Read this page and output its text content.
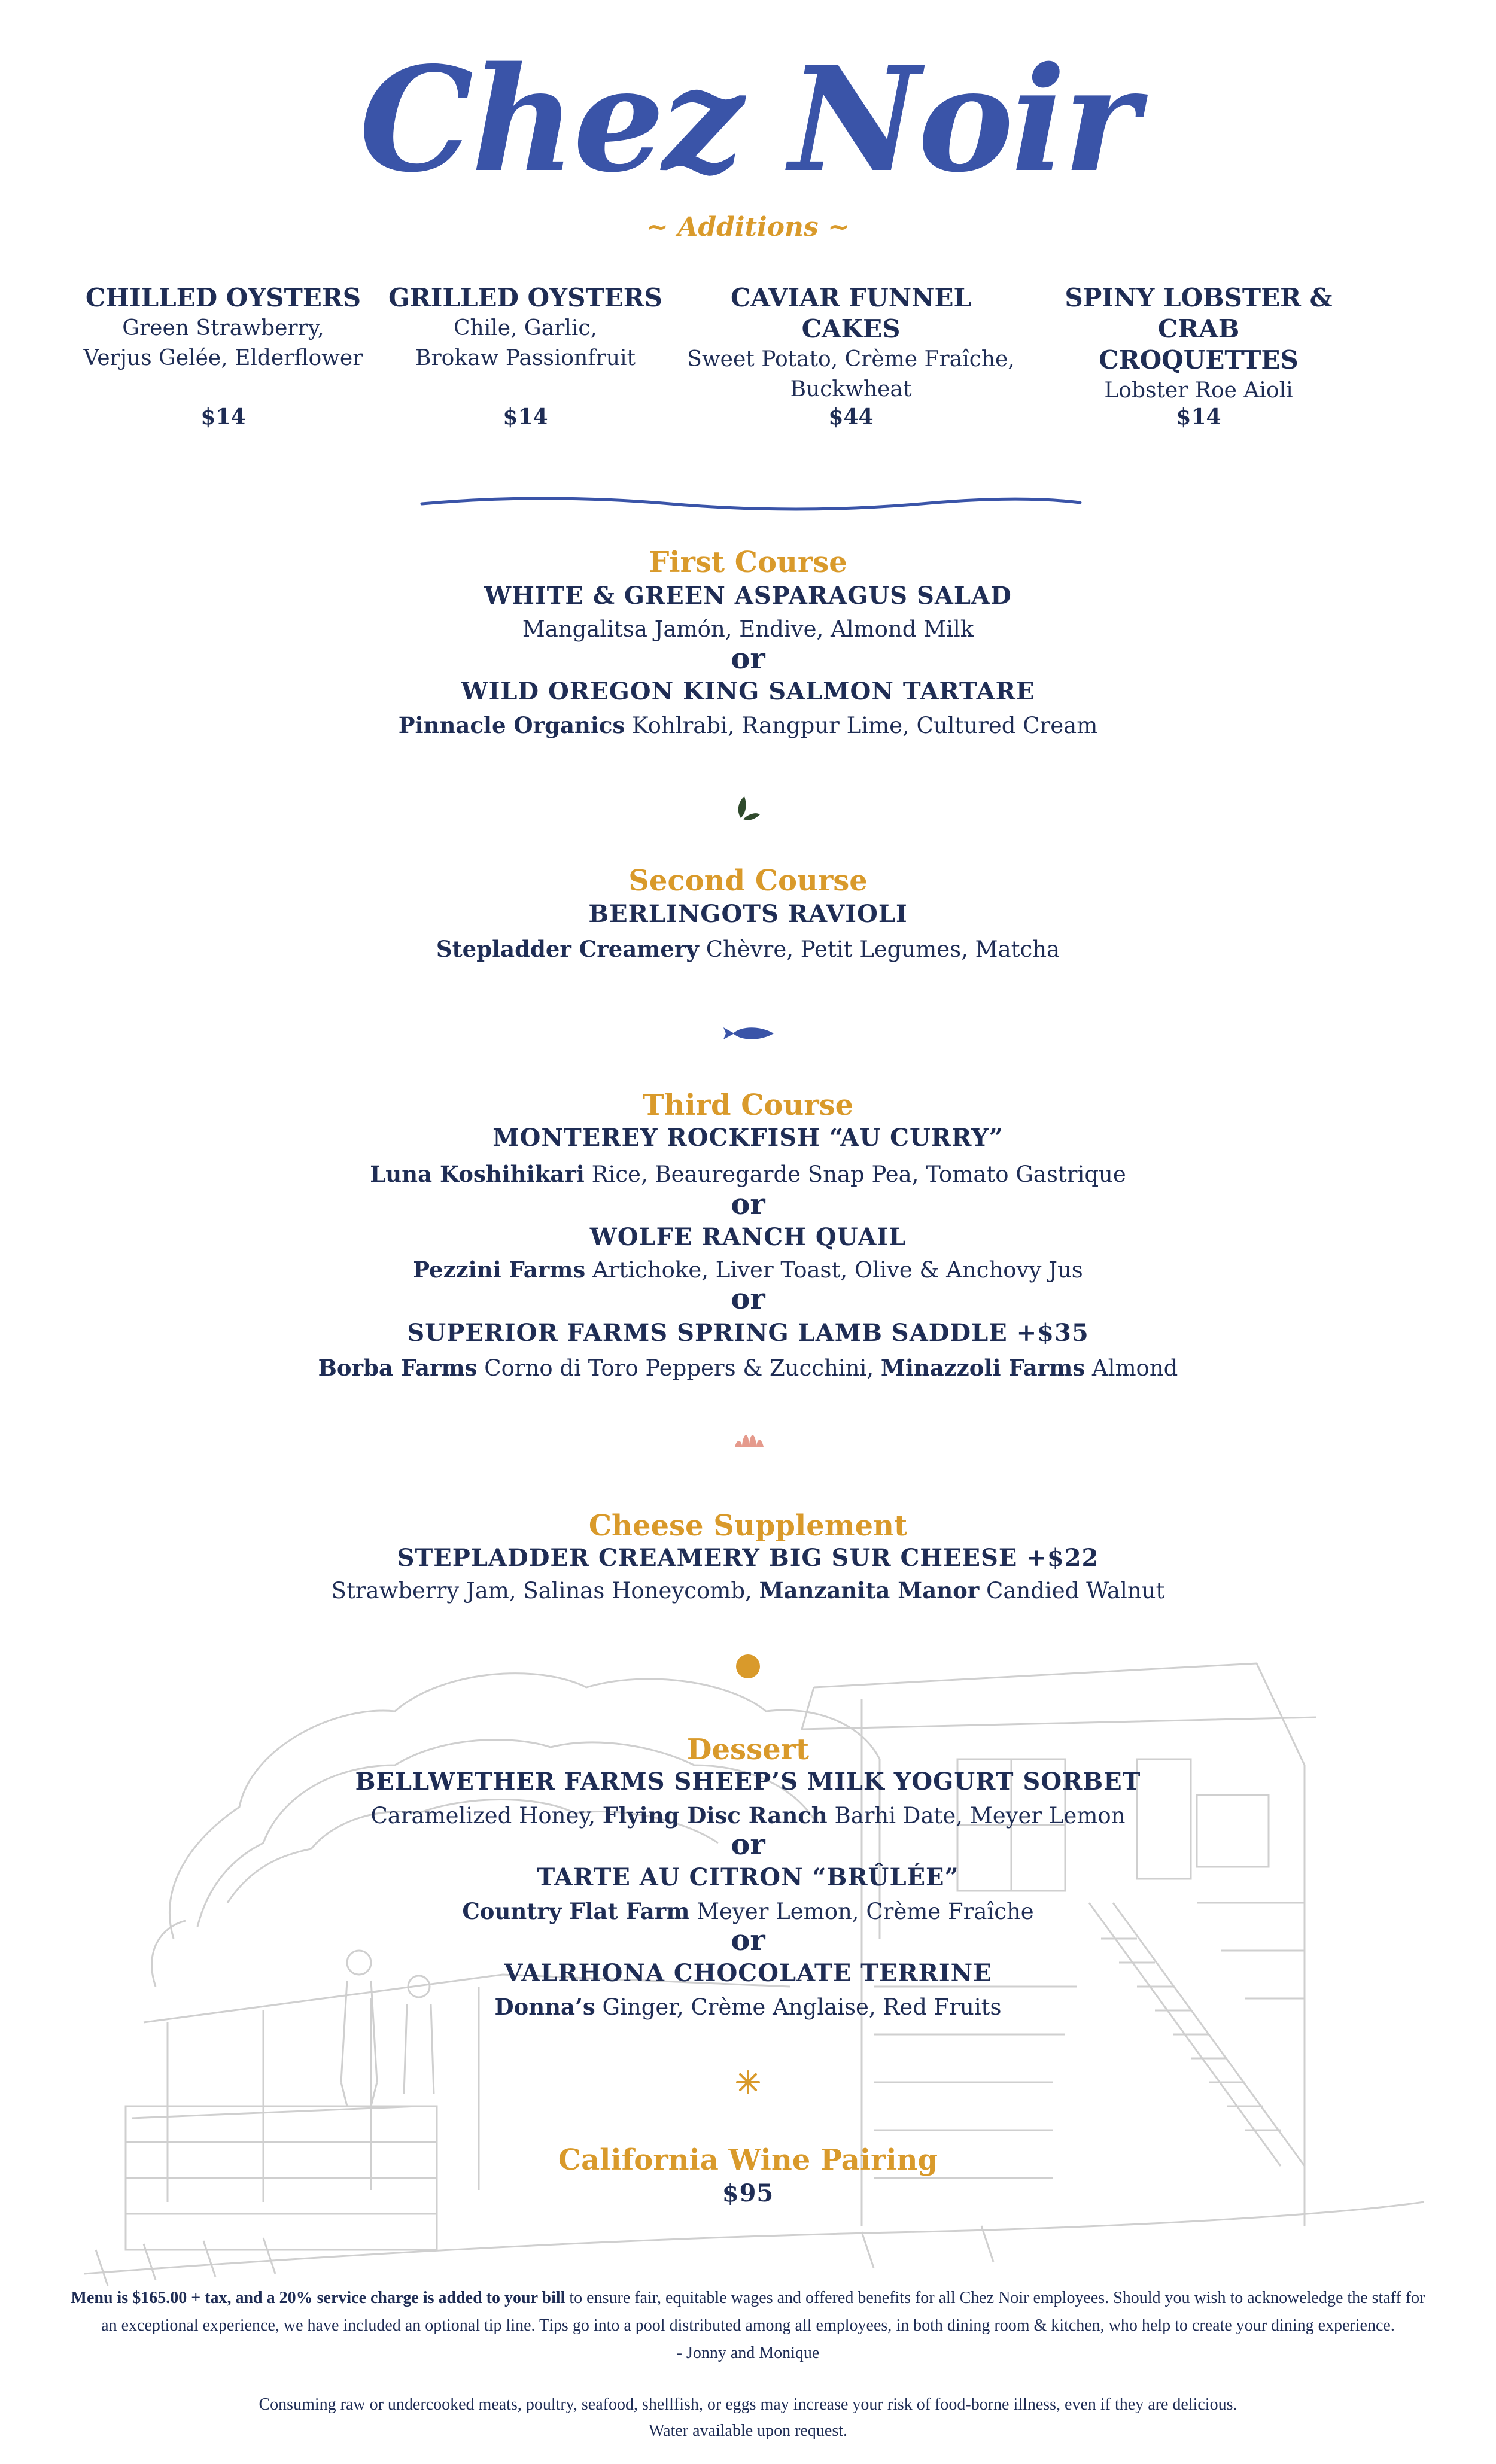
Chez Noir
~ Additions ~
CHILLED OYSTERS
Green Strawberry,
Verjus Gelée, Elderflower
$14
GRILLED OYSTERS
Chile, Garlic,
Brokaw Passionfruit
$14
CAVIAR FUNNEL CAKES
Sweet Potato, Crème Fraîche,
Buckwheat
$44
SPINY LOBSTER & CRAB
CROQUETTES
Lobster Roe Aioli
$14
First Course
WHITE & GREEN ASPARAGUS SALAD
Mangalitsa Jamón, Endive, Almond Milk
or
WILD OREGON KING SALMON TARTARE
Pinnacle Organics Kohlrabi, Rangpur Lime, Cultured Cream
Second Course
BERLINGOTS RAVIOLI
Stepladder Creamery Chèvre, Petit Legumes, Matcha
Third Course
MONTEREY ROCKFISH “AU CURRY”
Luna Koshihikari Rice, Beauregarde Snap Pea, Tomato Gastrique
or
WOLFE RANCH QUAIL
Pezzini Farms Artichoke, Liver Toast, Olive & Anchovy Jus
or
SUPERIOR FARMS SPRING LAMB SADDLE +$35
Borba Farms Corno di Toro Peppers & Zucchini, Minazzoli Farms Almond
Cheese Supplement
STEPLADDER CREAMERY BIG SUR CHEESE +$22
Strawberry Jam, Salinas Honeycomb, Manzanita Manor Candied Walnut
Dessert
BELLWETHER FARMS SHEEP’S MILK YOGURT SORBET
Caramelized Honey, Flying Disc Ranch Barhi Date, Meyer Lemon
or
TARTE AU CITRON “BRÛLÉE”
Country Flat Farm Meyer Lemon, Crème Fraîche
or
VALRHONA CHOCOLATE TERRINE
Donna’s Ginger, Crème Anglaise, Red Fruits
California Wine Pairing
$95
Menu is $165.00 + tax, and a 20% service charge is added to your bill to ensure fair, equitable wages and offered benefits for all Chez Noir employees. Should you wish to acknoweledge the staff for
an exceptional experience, we have included an optional tip line. Tips go into a pool distributed among all employees, in both dining room & kitchen, who help to create your dining experience.
- Jonny and Monique
Consuming raw or undercooked meats, poultry, seafood, shellfish, or eggs may increase your risk of food-borne illness, even if they are delicious.
Water available upon request.
